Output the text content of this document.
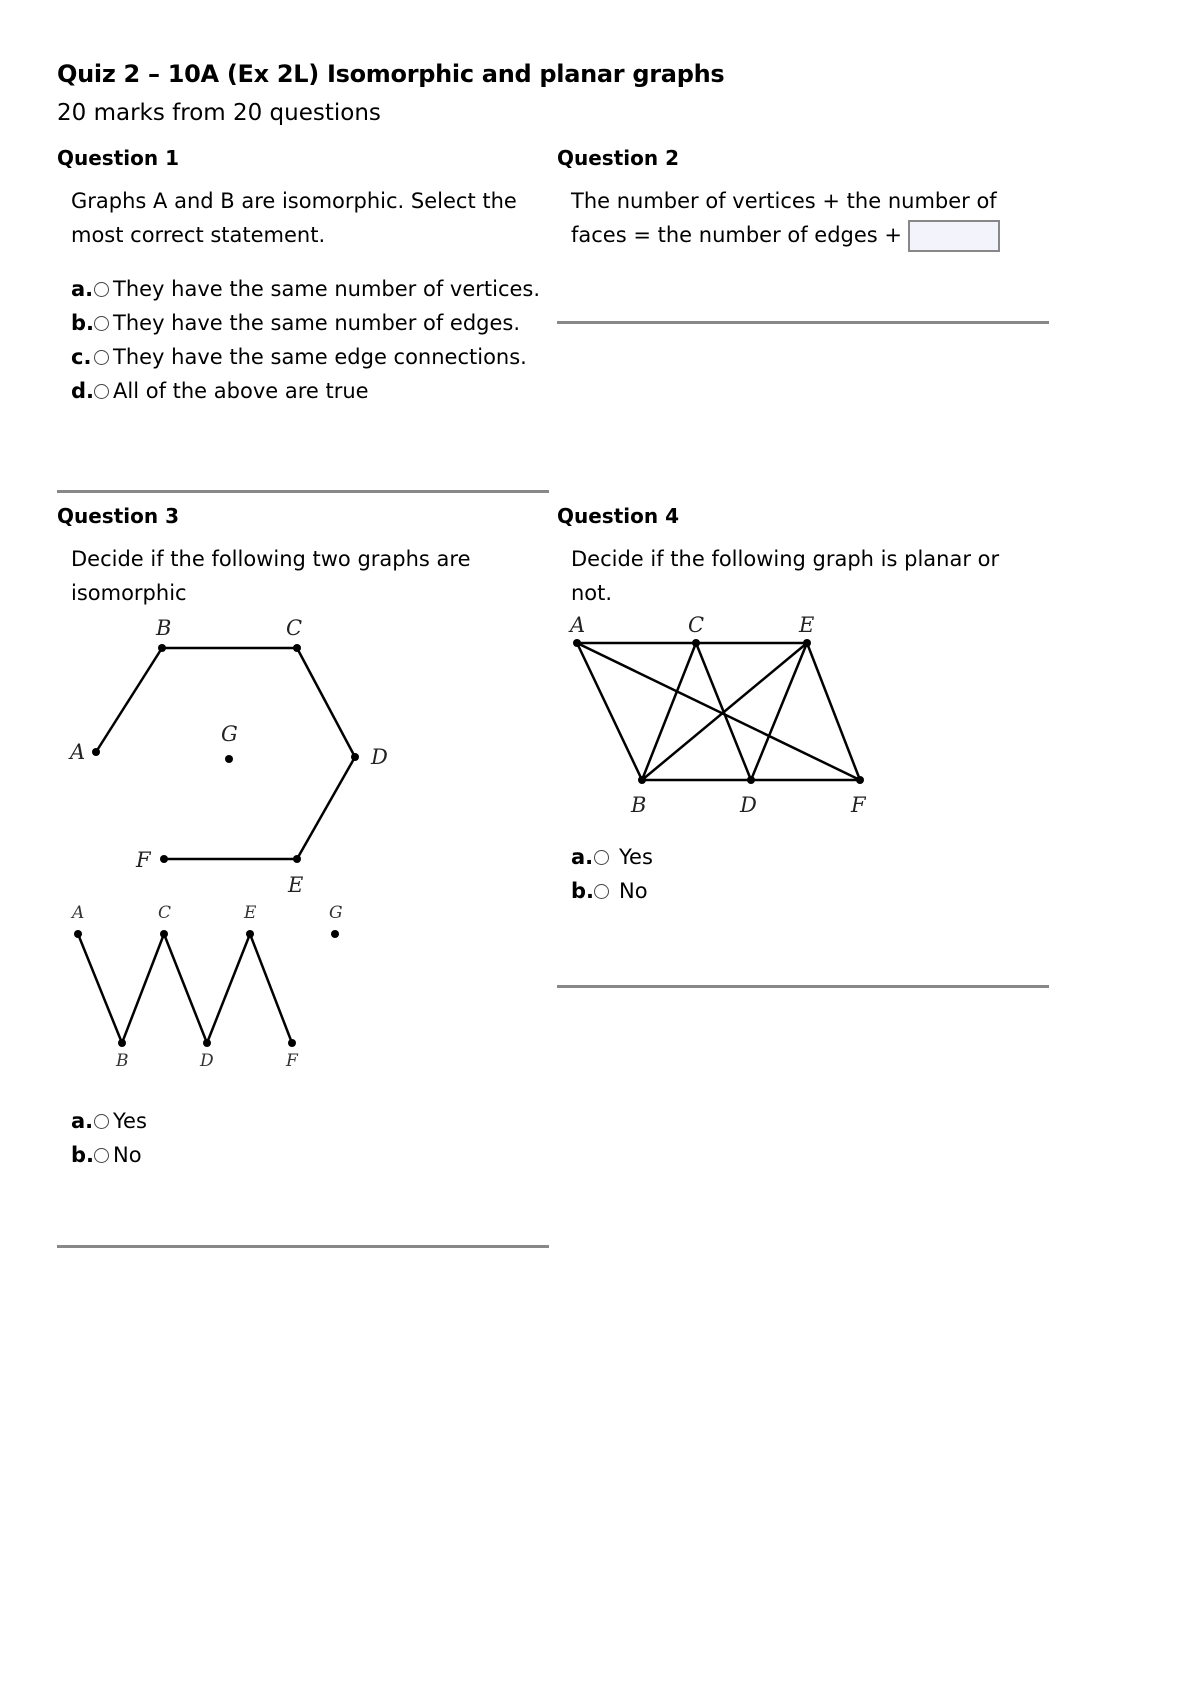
Quiz 2 – 10A (Ex 2L) Isomorphic and planar graphs
20 marks from 20 questions
Question 1
Graphs A and B are isomorphic. Select the
most correct statement.
a. They have the same number of vertices.
b. They have the same number of edges.
c. They have the same edge connections.
d. All of the above are true
Question 2
The number of vertices + the number of
faces = the number of edges +
Question 3
Decide if the following two graphs are
isomorphic
A
B	C
D
E
F
G
A
B
C
D
E
F
G
a. Yes
b. No
Question 4
Decide if the following graph is planar or
not.
A	C	E
B	D	F
a. Yes
b. No
